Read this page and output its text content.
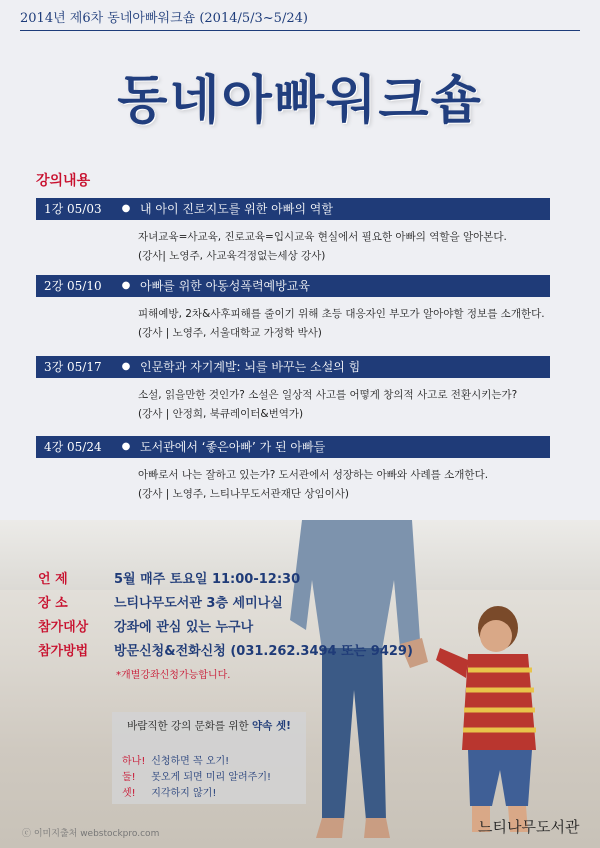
2014년 제6차 동네아빠워크숍 (2014/5/3~5/24)
동네아빠워크숍
강의내용
1강 05/03	● 내 아이 진로지도를 위한 아빠의 역할
자녀교육=사교육, 진로교육=입시교육 현실에서 필요한 아빠의 역할을 알아본다.
(강사| 노영주, 사교육걱정없는세상 강사)
2강 05/10	● 아빠를 위한 아동성폭력예방교육
피해예방, 2차&사후피해를 줄이기 위해 초등 대응자인 부모가 알아야할 정보를 소개한다.
(강사 | 노영주, 서울대학교 가정학 박사)
3강 05/17	● 인문학과 자기계발: 뇌를 바꾸는 소설의 힘
소설, 읽을만한 것인가? 소설은 일상적 사고를 어떻게 창의적 사고로 전환시키는가?
(강사 | 안정희, 북큐레이터&번역가)
4강 05/24	● 도서관에서 ‘좋은아빠’ 가 된 아빠들
아빠로서 나는 잘하고 있는가? 도서관에서 성장하는 아빠와 사례를 소개한다.
(강사 | 노영주, 느티나무도서관재단 상임이사)
언 제	5월 매주 토요일 11:00-12:30
장 소	느티나무도서관 3층 세미나실
참가대상 강좌에 관심 있는 누구나
참가방법 방문신청&전화신청 (031.262.3494 또는 9429)
*개별강좌신청가능합니다.
바람직한 강의 문화를 위한 약속 셋!
하나! 신청하면 꼭 오기!
둘! 못오게 되면 미리 알려주기!
셋! 지각하지 않기!
ⓒ 이미지출처 webstockpro.com	느티나무도서관
